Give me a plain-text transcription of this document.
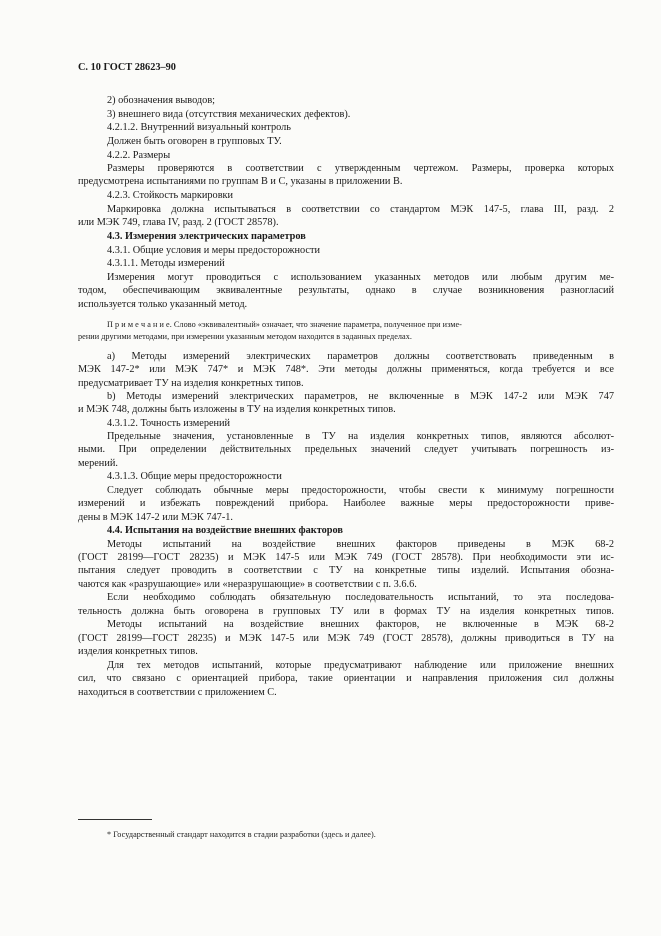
С. 10 ГОСТ 28623–90
2) обозначения выводов;
3) внешнего вида (отсутствия механических дефектов).
4.2.1.2. Внутренний визуальный контроль
Должен быть оговорен в групповых ТУ.
4.2.2. Размеры
Размеры проверяются в соответствии с утвержденным чертежом. Размеры, проверка которых
предусмотрена испытаниями по группам В и С, указаны в приложении В.
4.2.3. Стойкость маркировки
Маркировка должна испытываться в соответствии со стандартом МЭК 147-5, глава III, разд. 2
или МЭК 749, глава IV, разд. 2 (ГОСТ 28578).
4.3. Измерения электрических параметров
4.3.1. Общие условия и меры предосторожности
4.3.1.1. Методы измерений
Измерения могут проводиться с использованием указанных методов или любым другим ме-
тодом, обеспечивающим эквивалентные результаты, однако в случае возникновения разногласий
используется только указанный метод.
П р и м е ч а н и е. Слово «эквивалентный» означает, что значение параметра, полученное при изме-
рении другими методами, при измерении указанным методом находится в заданных пределах.
a) Методы измерений электрических параметров должны соответствовать приведенным в
МЭК 147-2* или МЭК 747* и МЭК 748*. Эти методы должны применяться, когда требуется и все
предусматривает ТУ на изделия конкретных типов.
b) Методы измерений электрических параметров, не включенные в МЭК 147-2 или МЭК 747
и МЭК 748, должны быть изложены в ТУ на изделия конкретных типов.
4.3.1.2. Точность измерений
Предельные значения, установленные в ТУ на изделия конкретных типов, являются абсолют-
ными. При определении действительных предельных значений следует учитывать погрешность из-
мерений.
4.3.1.3. Общие меры предосторожности
Следует соблюдать обычные меры предосторожности, чтобы свести к минимуму погрешности
измерений и избежать повреждений прибора. Наиболее важные меры предосторожности приве-
дены в МЭК 147-2 или МЭК 747-1.
4.4. Испытания на воздействие внешних факторов
Методы испытаний на воздействие внешних факторов приведены в МЭК 68-2
(ГОСТ 28199—ГОСТ 28235) и МЭК 147-5 или МЭК 749 (ГОСТ 28578). При необходимости эти ис-
пытания следует проводить в соответствии с ТУ на конкретные типы изделий. Испытания обозна-
чаются как «разрушающие» или «неразрушающие» в соответствии с п. 3.6.6.
Если необходимо соблюдать обязательную последовательность испытаний, то эта последова-
тельность должна быть оговорена в групповых ТУ или в формах ТУ на изделия конкретных типов.
Методы испытаний на воздействие внешних факторов, не включенные в МЭК 68-2
(ГОСТ 28199—ГОСТ 28235) и МЭК 147-5 или МЭК 749 (ГОСТ 28578), должны приводиться в ТУ на
изделия конкретных типов.
Для тех методов испытаний, которые предусматривают наблюдение или приложение внешних
сил, что связано с ориентацией прибора, такие ориентации и направления приложения сил должны
находиться в соответствии с приложением С.
* Государственный стандарт находится в стадии разработки (здесь и далее).
